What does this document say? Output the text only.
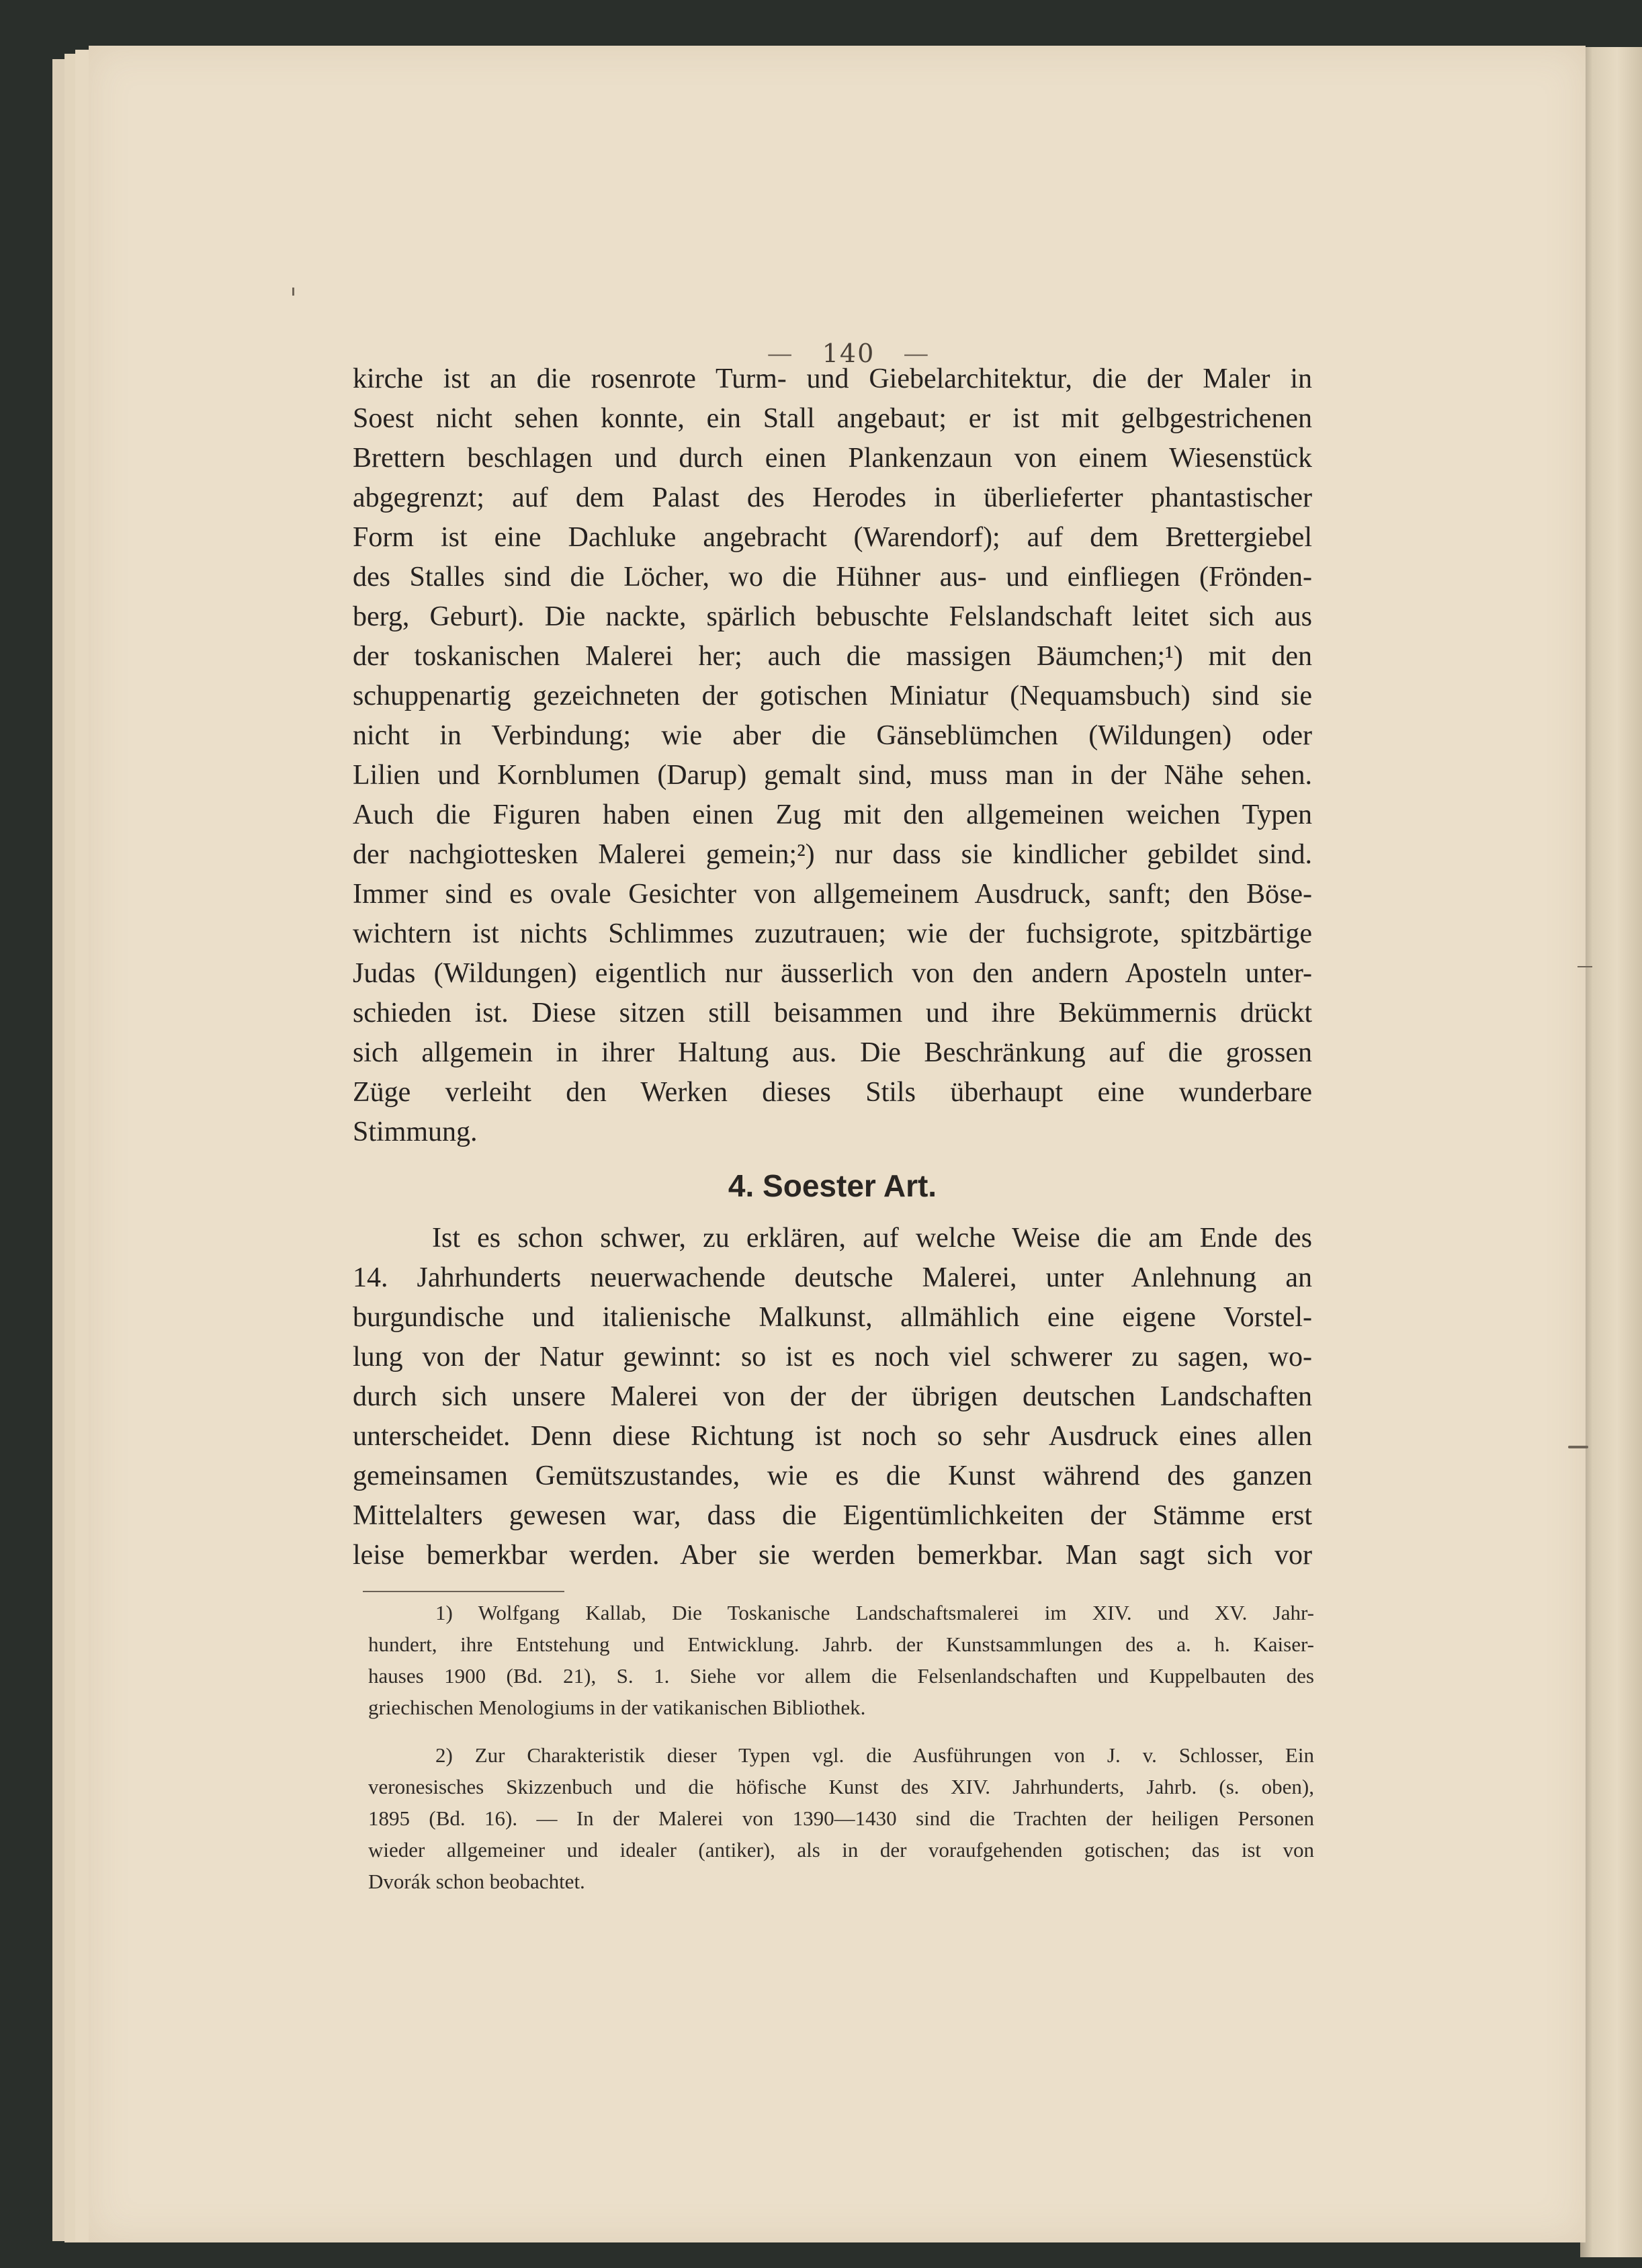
— 140 —
kirche ist an die rosenrote Turm- und Giebelarchitektur, die der Maler in
Soest nicht sehen konnte, ein Stall angebaut; er ist mit gelbgestrichenen
Brettern beschlagen und durch einen Plankenzaun von einem Wiesenstück
abgegrenzt; auf dem Palast des Herodes in überlieferter phantastischer
Form ist eine Dachluke angebracht (Warendorf); auf dem Brettergiebel
des Stalles sind die Löcher, wo die Hühner aus- und einfliegen (Frönden-
berg, Geburt). Die nackte, spärlich bebuschte Felslandschaft leitet sich aus
der toskanischen Malerei her; auch die massigen Bäumchen;¹) mit den
schuppenartig gezeichneten der gotischen Miniatur (Nequamsbuch) sind sie
nicht in Verbindung; wie aber die Gänseblümchen (Wildungen) oder
Lilien und Kornblumen (Darup) gemalt sind, muss man in der Nähe sehen.
Auch die Figuren haben einen Zug mit den allgemeinen weichen Typen
der nachgiottesken Malerei gemein;²) nur dass sie kindlicher gebildet sind.
Immer sind es ovale Gesichter von allgemeinem Ausdruck, sanft; den Böse-
wichtern ist nichts Schlimmes zuzutrauen; wie der fuchsigrote, spitzbärtige
Judas (Wildungen) eigentlich nur äusserlich von den andern Aposteln unter-
schieden ist. Diese sitzen still beisammen und ihre Bekümmernis drückt
sich allgemein in ihrer Haltung aus. Die Beschränkung auf die grossen
Züge verleiht den Werken dieses Stils überhaupt eine wunderbare
Stimmung.
4. Soester Art.
Ist es schon schwer, zu erklären, auf welche Weise die am Ende des
14. Jahrhunderts neuerwachende deutsche Malerei, unter Anlehnung an
burgundische und italienische Malkunst, allmählich eine eigene Vorstel-
lung von der Natur gewinnt: so ist es noch viel schwerer zu sagen, wo-
durch sich unsere Malerei von der der übrigen deutschen Landschaften
unterscheidet. Denn diese Richtung ist noch so sehr Ausdruck eines allen
gemeinsamen Gemütszustandes, wie es die Kunst während des ganzen
Mittelalters gewesen war, dass die Eigentümlichkeiten der Stämme erst
leise bemerkbar werden. Aber sie werden bemerkbar. Man sagt sich vor
1) Wolfgang Kallab, Die Toskanische Landschaftsmalerei im XIV. und XV. Jahr-
hundert, ihre Entstehung und Entwicklung. Jahrb. der Kunstsammlungen des a. h. Kaiser-
hauses 1900 (Bd. 21), S. 1. Siehe vor allem die Felsenlandschaften und Kuppelbauten des
griechischen Menologiums in der vatikanischen Bibliothek.
2) Zur Charakteristik dieser Typen vgl. die Ausführungen von J. v. Schlosser, Ein
veronesisches Skizzenbuch und die höfische Kunst des XIV. Jahrhunderts, Jahrb. (s. oben),
1895 (Bd. 16). — In der Malerei von 1390—1430 sind die Trachten der heiligen Personen
wieder allgemeiner und idealer (antiker), als in der voraufgehenden gotischen; das ist von
Dvorák schon beobachtet.
